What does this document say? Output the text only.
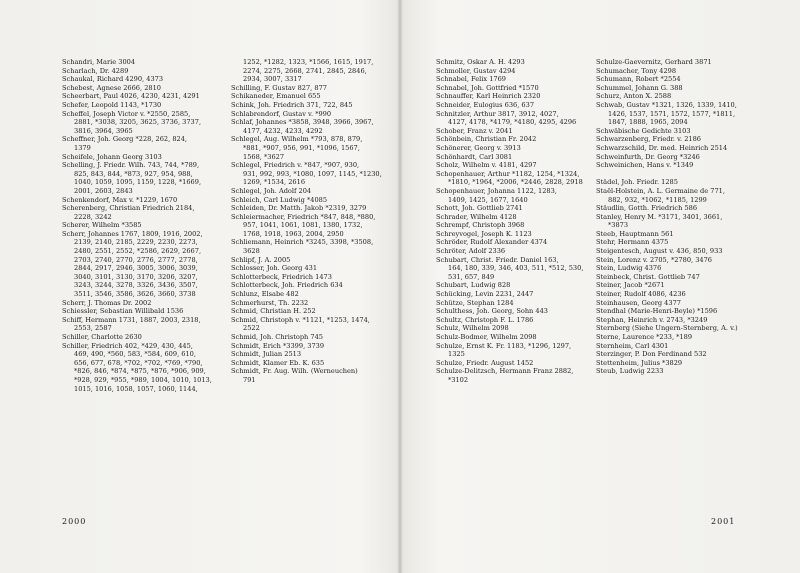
Schandri, Marie 3004
Scharlach, Dr. 4289
Schaukal, Richard 4290, 4373
Schebest, Agnese 2666, 2810
Scheerbart, Paul 4026, 4230, 4231, 4291
Schefer, Leopold 1143, *1730
Scheffel, Joseph Victor v. *2550, 2585,
2881, *3038, 3205, 3625, 3736, 3737,
3816, 3964, 3965
Scheffner, Joh. Georg *228, 262, 824,
1379
Scheifele, Johann Georg 3103
Schelling, J. Friedr. Wilh. 743, 744, *789,
825, 843, 844, *873, 927, 954, 988,
1040, 1059, 1095, 1159, 1228, *1669,
2001, 2603, 2843
Schenkendorf, Max v. *1229, 1670
Scherenberg, Christian Friedrich 2184,
2228, 3242
Scherer, Wilhelm *3585
Scherr, Johannes 1767, 1809, 1916, 2002,
2139, 2140, 2185, 2229, 2230, 2273,
2480, 2551, 2552, *2586, 2629, 2667,
2703, 2740, 2770, 2776, 2777, 2778,
2844, 2917, 2946, 3005, 3006, 3039,
3040, 3101, 3130, 3170, 3206, 3207,
3243, 3244, 3278, 3326, 3436, 3507,
3511, 3546, 3586, 3626, 3660, 3738
Scherr, J. Thomas Dr. 2002
Schiessler, Sebastian Willibald 1536
Schiff, Hermann 1731, 1887, 2003, 2318,
2553, 2587
Schiller, Charlotte 2630
Schiller, Friedrich 402, *429, 430, 445,
469, 490, *560, 583, *584, 609, 610,
656, 677, 678, *702, *702, *769, *790,
*826, 846, *874, *875, *876, *906, 909,
*928, 929, *955, *989, 1004, 1010, 1013,
1015, 1016, 1058, 1057, 1060, 1144,
1252, *1282, 1323, *1566, 1615, 1917,
2274, 2275, 2668, 2741, 2845, 2846,
2934, 3007, 3317
Schilling, F. Gustav 827, 877
Schikaneder, Emanuel 655
Schink, Joh. Friedrich 371, 722, 845
Schlabrendorf, Gustav v. *990
Schlaf, Johannes *3858, 3948, 3966, 3967,
4177, 4232, 4233, 4292
Schlegel, Aug. Wilhelm *793, 878, 879,
*881, *907, 956, 991, *1096, 1567,
1568, *3627
Schlegel, Friedrich v. *847, *907, 930,
931, 992, 993, *1080, 1097, 1145, *1230,
1269, *1534, 2616
Schlegel, Joh. Adolf 204
Schleich, Carl Ludwig *4085
Schleiden, Dr. Matth. Jakob *2319, 3279
Schleiermacher, Friedrich *847, 848, *880,
957, 1041, 1061, 1081, 1380, 1732,
1768, 1918, 1963, 2004, 2950
Schliemann, Heinrich *3245, 3398, *3508,
3628
Schlipf, J. A. 2005
Schlosser, Joh. Georg 431
Schlotterbeck, Friedrich 1473
Schlotterbeck, Joh. Friedrich 634
Schlunz, Elsabe 482
Schmerhurst, Th. 2232
Schmid, Christian H. 252
Schmid, Christoph v. *1121, *1253, 1474,
2522
Schmid, Joh. Christoph 745
Schmidt, Erich *3399, 3739
Schmidt, Julian 2513
Schmidt, Klamer Eb. K. 635
Schmidt, Fr. Aug. Wilh. (Werneuchen)
791
Schmitz, Oskar A. H. 4293
Schmoller, Gustav 4294
Schnabel, Felix 1769
Schnabel, Joh. Gottfried *1570
Schnauffer, Karl Heinrich 2320
Schneider, Eulogius 636, 637
Schnitzler, Arthur 3817, 3912, 4027,
4127, 4178, *4179, *4180, 4295, 4296
Schober, Franz v. 2041
Schönbein, Christian Fr. 2042
Schönerer, Georg v. 3913
Schönhardt, Carl 3081
Scholz, Wilhelm v. 4181, 4297
Schopenhauer, Arthur *1182, 1254, *1324,
*1810, *1964, *2006, *2446, 2828, 2918
Schopenhauer, Johanna 1122, 1283,
1409, 1425, 1677, 1640
Schott, Joh. Gottlieb 2741
Schrader, Wilhelm 4128
Schrempf, Christoph 3968
Schreyvogel, Joseph K. 1123
Schröder, Rudolf Alexander 4374
Schröter, Adolf 2336
Schubart, Christ. Friedr. Daniel 163,
164, 180, 339, 346, 403, 511, *512, 530,
531, 657, 849
Schubart, Ludwig 828
Schücking, Levin 2231, 2447
Schütze, Stephan 1284
Schulthess, Joh. Georg, Sohn 443
Schultz, Christoph F. L. 1786
Schulz, Wilhelm 2098
Schulz-Bodmer, Wilhelm 2098
Schulze, Ernst K. Fr. 1183, *1296, 1297,
1325
Schulze, Friedr. August 1452
Schulze-Delitzsch, Hermann Franz 2882,
*3102
Schulze-Gaevernitz, Gerhard 3871
Schumacher, Tony 4298
Schumann, Robert *2554
Schummel, Johann G. 388
Schurz, Anton X. 2588
Schwab, Gustav *1321, 1326, 1339, 1410,
1426, 1537, 1571, 1572, 1577, *1811,
1847, 1888, 1965, 2094
Schwäbische Gedichte 3103
Schwarzenberg, Friedr. v. 2186
Schwarzschild, Dr. med. Heinrich 2514
Schweinfurth, Dr. Georg *3246
Schweinichen, Hans v. *1349
Städel, Joh. Friedr. 1285
Staël-Holstein, A. L. Germaine de 771,
882, 932, *1062, *1185, 1299
Stäudlin, Gotth. Friedrich 586
Stanley, Henry M. *3171, 3401, 3661,
*3873
Steeb, Hauptmann 561
Stehr, Hermann 4375
Steigentesch, August v. 436, 850, 933
Stein, Lorenz v. 2705, *2780, 3476
Stein, Ludwig 4376
Steinbeck, Christ. Gottlieb 747
Steiner, Jacob *2671
Steiner, Rudolf 4086, 4236
Steinhausen, Georg 4377
Stendhal (Marie-Henri-Beyle) *1596
Stephan, Heinrich v. 2743, *3249
Sternberg (Siehe Ungern-Sternberg, A. v.)
Sterne, Laurence *233, *189
Sternheim, Carl 4301
Sterzinger, P. Don Ferdinand 532
Stettenheim, Julius *3829
Steub, Ludwig 2233
2000	2001
